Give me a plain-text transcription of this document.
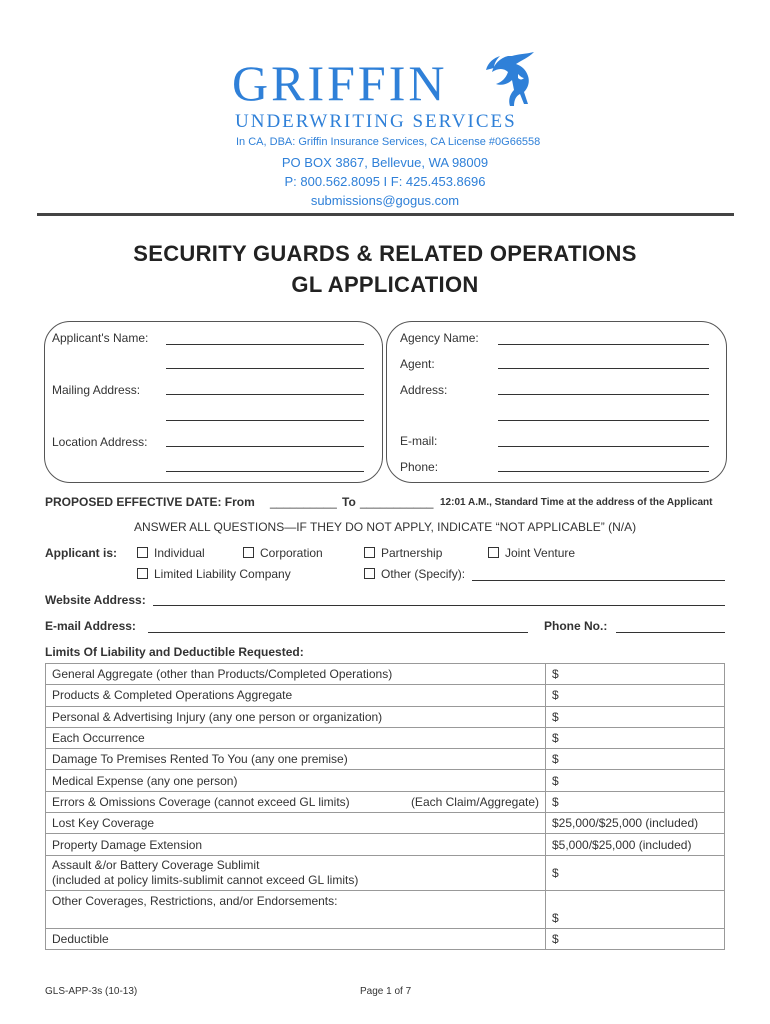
GRIFFIN
UNDERWRITING SERVICES
In CA, DBA: Griffin Insurance Services, CA License #0G66558
PO BOX 3867, Bellevue, WA 98009
P: 800.562.8095 I F: 425.453.8696
submissions@gogus.com
SECURITY GUARDS & RELATED OPERATIONS
GL APPLICATION
Applicant's Name:
Mailing Address:
Location Address:
Agency Name:
Agent:
Address:
E-mail:
Phone:
PROPOSED EFFECTIVE DATE: From __________ To ___________ 12:01 A.M., Standard Time at the address of the Applicant
ANSWER ALL QUESTIONS—IF THEY DO NOT APPLY, INDICATE “NOT APPLICABLE” (N/A)
Applicant is:	Individual	Corporation	Partnership	Joint Venture
Limited Liability Company	Other (Specify):
Website Address:
E-mail Address:	Phone No.:
Limits Of Liability and Deductible Requested:
General Aggregate (other than Products/Completed Operations)	$
Products & Completed Operations Aggregate	$
Personal & Advertising Injury (any one person or organization)	$
Each Occurrence	$
Damage To Premises Rented To You (any one premise)	$
Medical Expense (any one person)	$
Errors & Omissions Coverage (cannot exceed GL limits) (Each Claim/Aggregate)	$
Lost Key Coverage	$25,000/$25,000 (included)
Property Damage Extension	$5,000/$25,000 (included)

Assault &/or Battery Coverage Sublimit
(included at policy limits-sublimit cannot exceed GL limits)	$
Other Coverages, Restrictions, and/or Endorsements:	$
Deductible	$
GLS-APP-3s (10-13)	Page 1 of 7
